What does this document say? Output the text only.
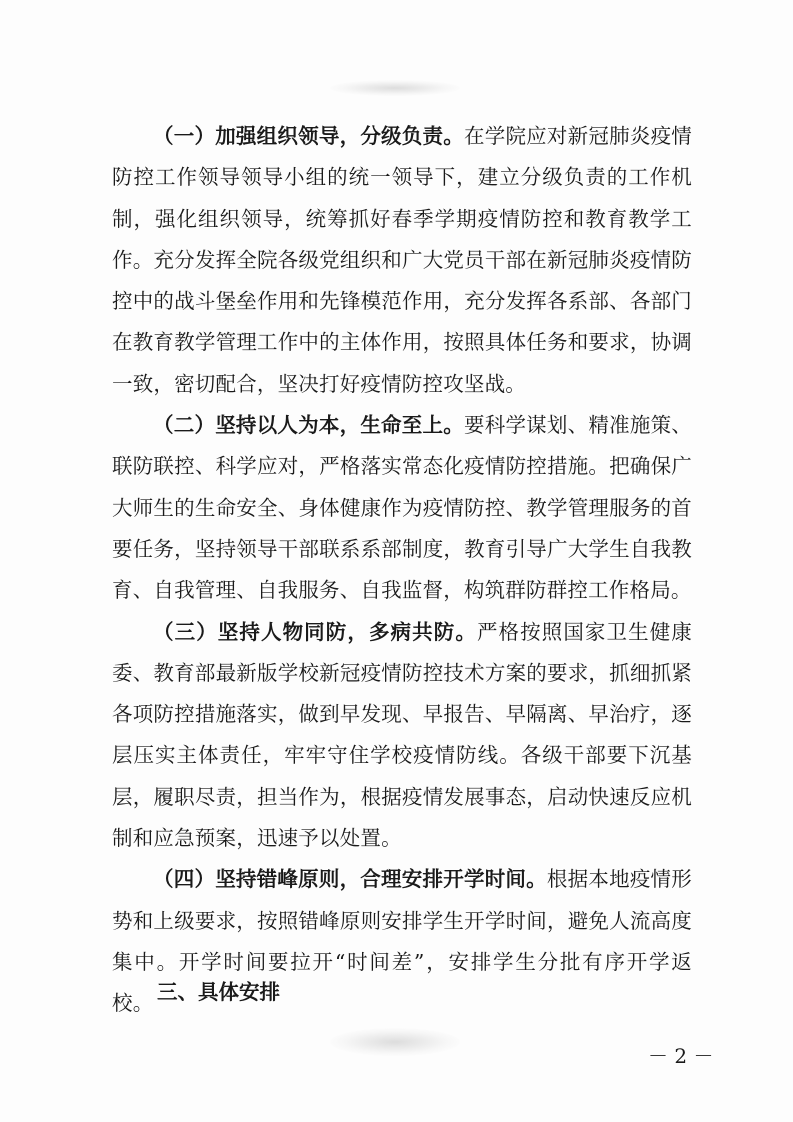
（一）加强组织领导，分级负责。在学院应对新冠肺炎疫情防控工作领导领导小组的统一领导下，建立分级负责的工作机制，强化组织领导，统筹抓好春季学期疫情防控和教育教学工作。充分发挥全院各级党组织和广大党员干部在新冠肺炎疫情防控中的战斗堡垒作用和先锋模范作用，充分发挥各系部、各部门在教育教学管理工作中的主体作用，按照具体任务和要求，协调一致，密切配合，坚决打好疫情防控攻坚战。

（二）坚持以人为本，生命至上。要科学谋划、精准施策、联防联控、科学应对，严格落实常态化疫情防控措施。把确保广大师生的生命安全、身体健康作为疫情防控、教学管理服务的首要任务，坚持领导干部联系系部制度，教育引导广大学生自我教育、自我管理、自我服务、自我监督，构筑群防群控工作格局。

（三）坚持人物同防，多病共防。严格按照国家卫生健康委、教育部最新版学校新冠疫情防控技术方案的要求，抓细抓紧各项防控措施落实，做到早发现、早报告、早隔离、早治疗，逐层压实主体责任，牢牢守住学校疫情防线。各级干部要下沉基层，履职尽责，担当作为，根据疫情发展事态，启动快速反应机制和应急预案，迅速予以处置。

（四）坚持错峰原则，合理安排开学时间。根据本地疫情形势和上级要求，按照错峰原则安排学生开学时间，避免人流高度集中。开学时间要拉开“时间差”，安排学生分批有序开学返校。 三、具体安排

－ 2 －
